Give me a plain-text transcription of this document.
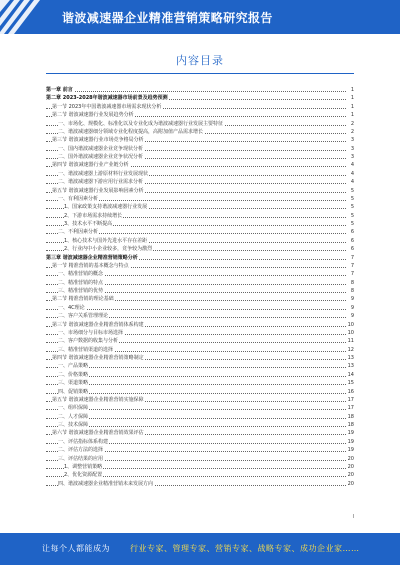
谐波减速器企业精准营销策略研究报告
内容目录
第一章 前言	1
第二章 2023-2028年谐波减速器市场前景及趋势预测	1
第一节 2023年中国谐波减速器市场需求现状分析	1
第二节 谐波减速器行业发展趋势分析	1
一、市场化、规模化、标准化以及专业化成为谐波减速器行业发展主要特征	2
二、谐波减速器细分领域专业化程度提高，高附加值产品需求增长	2
第三节 谐波减速器行业市场竞争格局分析	3
一、国内谐波减速器企业竞争现状分析	3
二、国外谐波减速器企业竞争状况分析	3
第四节 谐波减速器行业产业链分析	4
一、谐波减速器上游原材料行业发展现状	4
二、谐波减速器下游应用行业需求分析	4
第五节 谐波减速器行业发展影响因素分析	5
一、有利因素分析	5
1、国家政策支持谐波减速器行业发展	5
2、下游市场需求持续增长	5
3、技术水平不断提高	5
二、不利因素分析	6
1、核心技术与国外先进水平存在差距	6
2、行业内中小企业较多，竞争较为激烈	6
第三章 谐波减速器企业精准营销策略分析	7
第一节 精准营销的基本概念与特点	7
一、精准营销的概念	7
二、精准营销的特点	8
三、精准营销的优势	8
第二节 精准营销的理论基础	9
一、4C理论	9
二、客户关系管理理论	9
第三节 谐波减速器企业精准营销体系构建	10
一、市场细分与目标市场选择	10
二、客户数据的收集与分析	11
三、精准营销渠道的选择	12
第四节 谐波减速器企业精准营销策略制定	13
一、产品策略	13
二、价格策略	14
三、渠道策略	15
四、促销策略	16
第五节 谐波减速器企业精准营销实施保障	17
一、组织保障	17
二、人才保障	18
三、技术保障	18
第六节 谐波减速器企业精准营销效果评估	19
一、评估指标体系构建	19
二、评估方法的选择	19
三、评估结果的应用	20
1、调整营销策略	20
2、优化资源配置	20
四、谐波减速器企业精准营销未来发展方向	20
I
让每个人都能成为	行业专家、管理专家、营销专家、战略专家、成功企业家……
